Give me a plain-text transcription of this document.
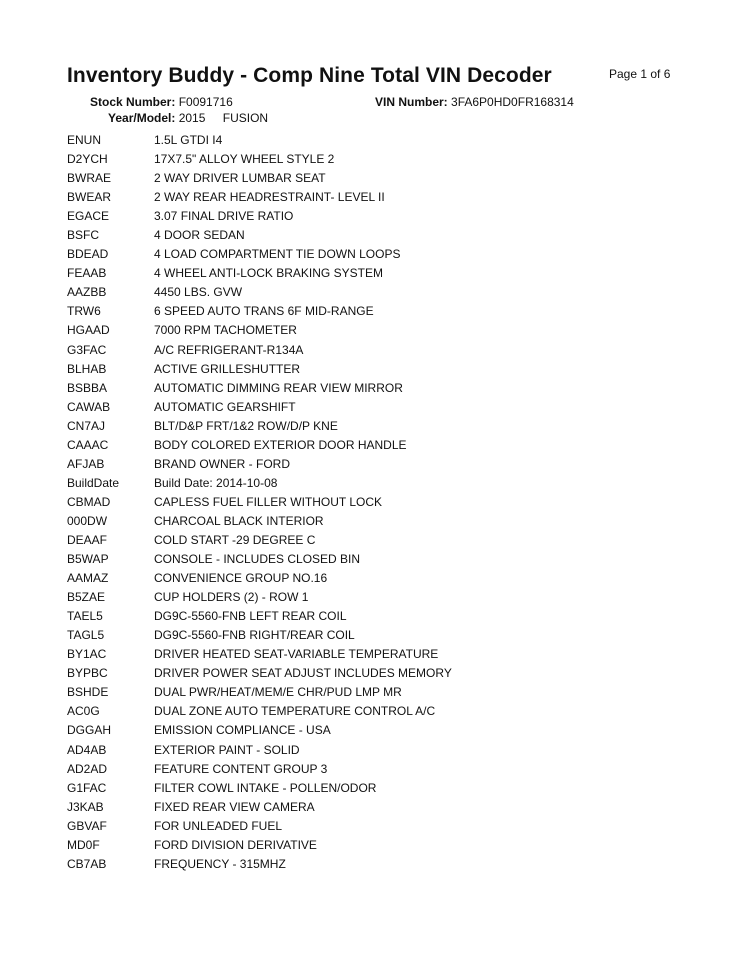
Inventory Buddy - Comp Nine Total VIN Decoder	Page 1 of 6
Stock Number: F0091716	VIN Number: 3FA6P0HD0FR168314
Year/Model: 2015 FUSION
ENUN	1.5L GTDI I4
D2YCH	17X7.5" ALLOY WHEEL STYLE 2
BWRAE	2 WAY DRIVER LUMBAR SEAT
BWEAR	2 WAY REAR HEADRESTRAINT- LEVEL II
EGACE	3.07 FINAL DRIVE RATIO
BSFC	4 DOOR SEDAN
BDEAD	4 LOAD COMPARTMENT TIE DOWN LOOPS
FEAAB	4 WHEEL ANTI-LOCK BRAKING SYSTEM
AAZBB	4450 LBS. GVW
TRW6	6 SPEED AUTO TRANS 6F MID-RANGE
HGAAD	7000 RPM TACHOMETER
G3FAC	A/C REFRIGERANT-R134A
BLHAB	ACTIVE GRILLESHUTTER
BSBBA	AUTOMATIC DIMMING REAR VIEW MIRROR
CAWAB	AUTOMATIC GEARSHIFT
CN7AJ	BLT/D&P FRT/1&2 ROW/D/P KNE
CAAAC	BODY COLORED EXTERIOR DOOR HANDLE
AFJAB	BRAND OWNER - FORD
BuildDate	Build Date: 2014-10-08
CBMAD	CAPLESS FUEL FILLER WITHOUT LOCK
000DW	CHARCOAL BLACK INTERIOR
DEAAF	COLD START -29 DEGREE C
B5WAP	CONSOLE - INCLUDES CLOSED BIN
AAMAZ	CONVENIENCE GROUP NO.16
B5ZAE	CUP HOLDERS (2) - ROW 1
TAEL5	DG9C-5560-FNB LEFT REAR COIL
TAGL5	DG9C-5560-FNB RIGHT/REAR COIL
BY1AC	DRIVER HEATED SEAT-VARIABLE TEMPERATURE
BYPBC	DRIVER POWER SEAT ADJUST INCLUDES MEMORY
BSHDE	DUAL PWR/HEAT/MEM/E CHR/PUD LMP MR
AC0G	DUAL ZONE AUTO TEMPERATURE CONTROL A/C
DGGAH	EMISSION COMPLIANCE - USA
AD4AB	EXTERIOR PAINT - SOLID
AD2AD	FEATURE CONTENT GROUP 3
G1FAC	FILTER COWL INTAKE - POLLEN/ODOR
J3KAB	FIXED REAR VIEW CAMERA
GBVAF	FOR UNLEADED FUEL
MD0F	FORD DIVISION DERIVATIVE
CB7AB	FREQUENCY - 315MHZ
